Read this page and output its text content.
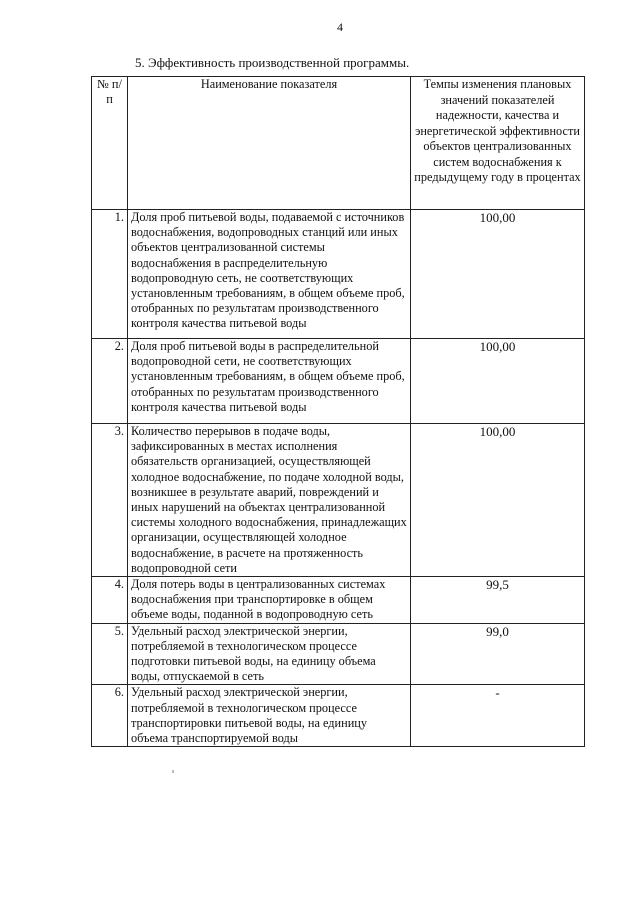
4
5. Эффективность производственной программы.
№ п/п	Наименование показателя	Темпы изменения плановых значений показателей надежности, качества и энергетической эффективности объектов централизованных систем водоснабжения к предыдущему году в процентах
1.	Доля проб питьевой воды, подаваемой с источников водоснабжения, водопроводных станций или иных объектов централизованной системы водоснабжения в распределительную водопроводную сеть, не соответствующих установленным требованиям, в общем объеме проб, отобранных по результатам производственного контроля качества питьевой воды	100,00
2.	Доля проб питьевой воды в распределительной водопроводной сети, не соответствующих установленным требованиям, в общем объеме проб, отобранных по результатам производственного контроля качества питьевой воды	100,00
3.	Количество перерывов в подаче воды, зафиксированных в местах исполнения обязательств организацией, осуществляющей холодное водоснабжение, по подаче холодной воды, возникшее в результате аварий, повреждений и иных нарушений на объектах централизованной системы холодного водоснабжения, принадлежащих организации, осуществляющей холодное водоснабжение, в расчете на протяженность водопроводной сети	100,00
4.	Доля потерь воды в централизованных системах водоснабжения при транспортировке в общем объеме воды, поданной в водопроводную сеть	99,5
5.	Удельный расход электрической энергии, потребляемой в технологическом процессе подготовки питьевой воды, на единицу объема воды, отпускаемой в сеть	99,0
6.	Удельный расход электрической энергии, потребляемой в технологическом процессе транспортировки питьевой воды, на единицу объема транспортируемой воды	-
